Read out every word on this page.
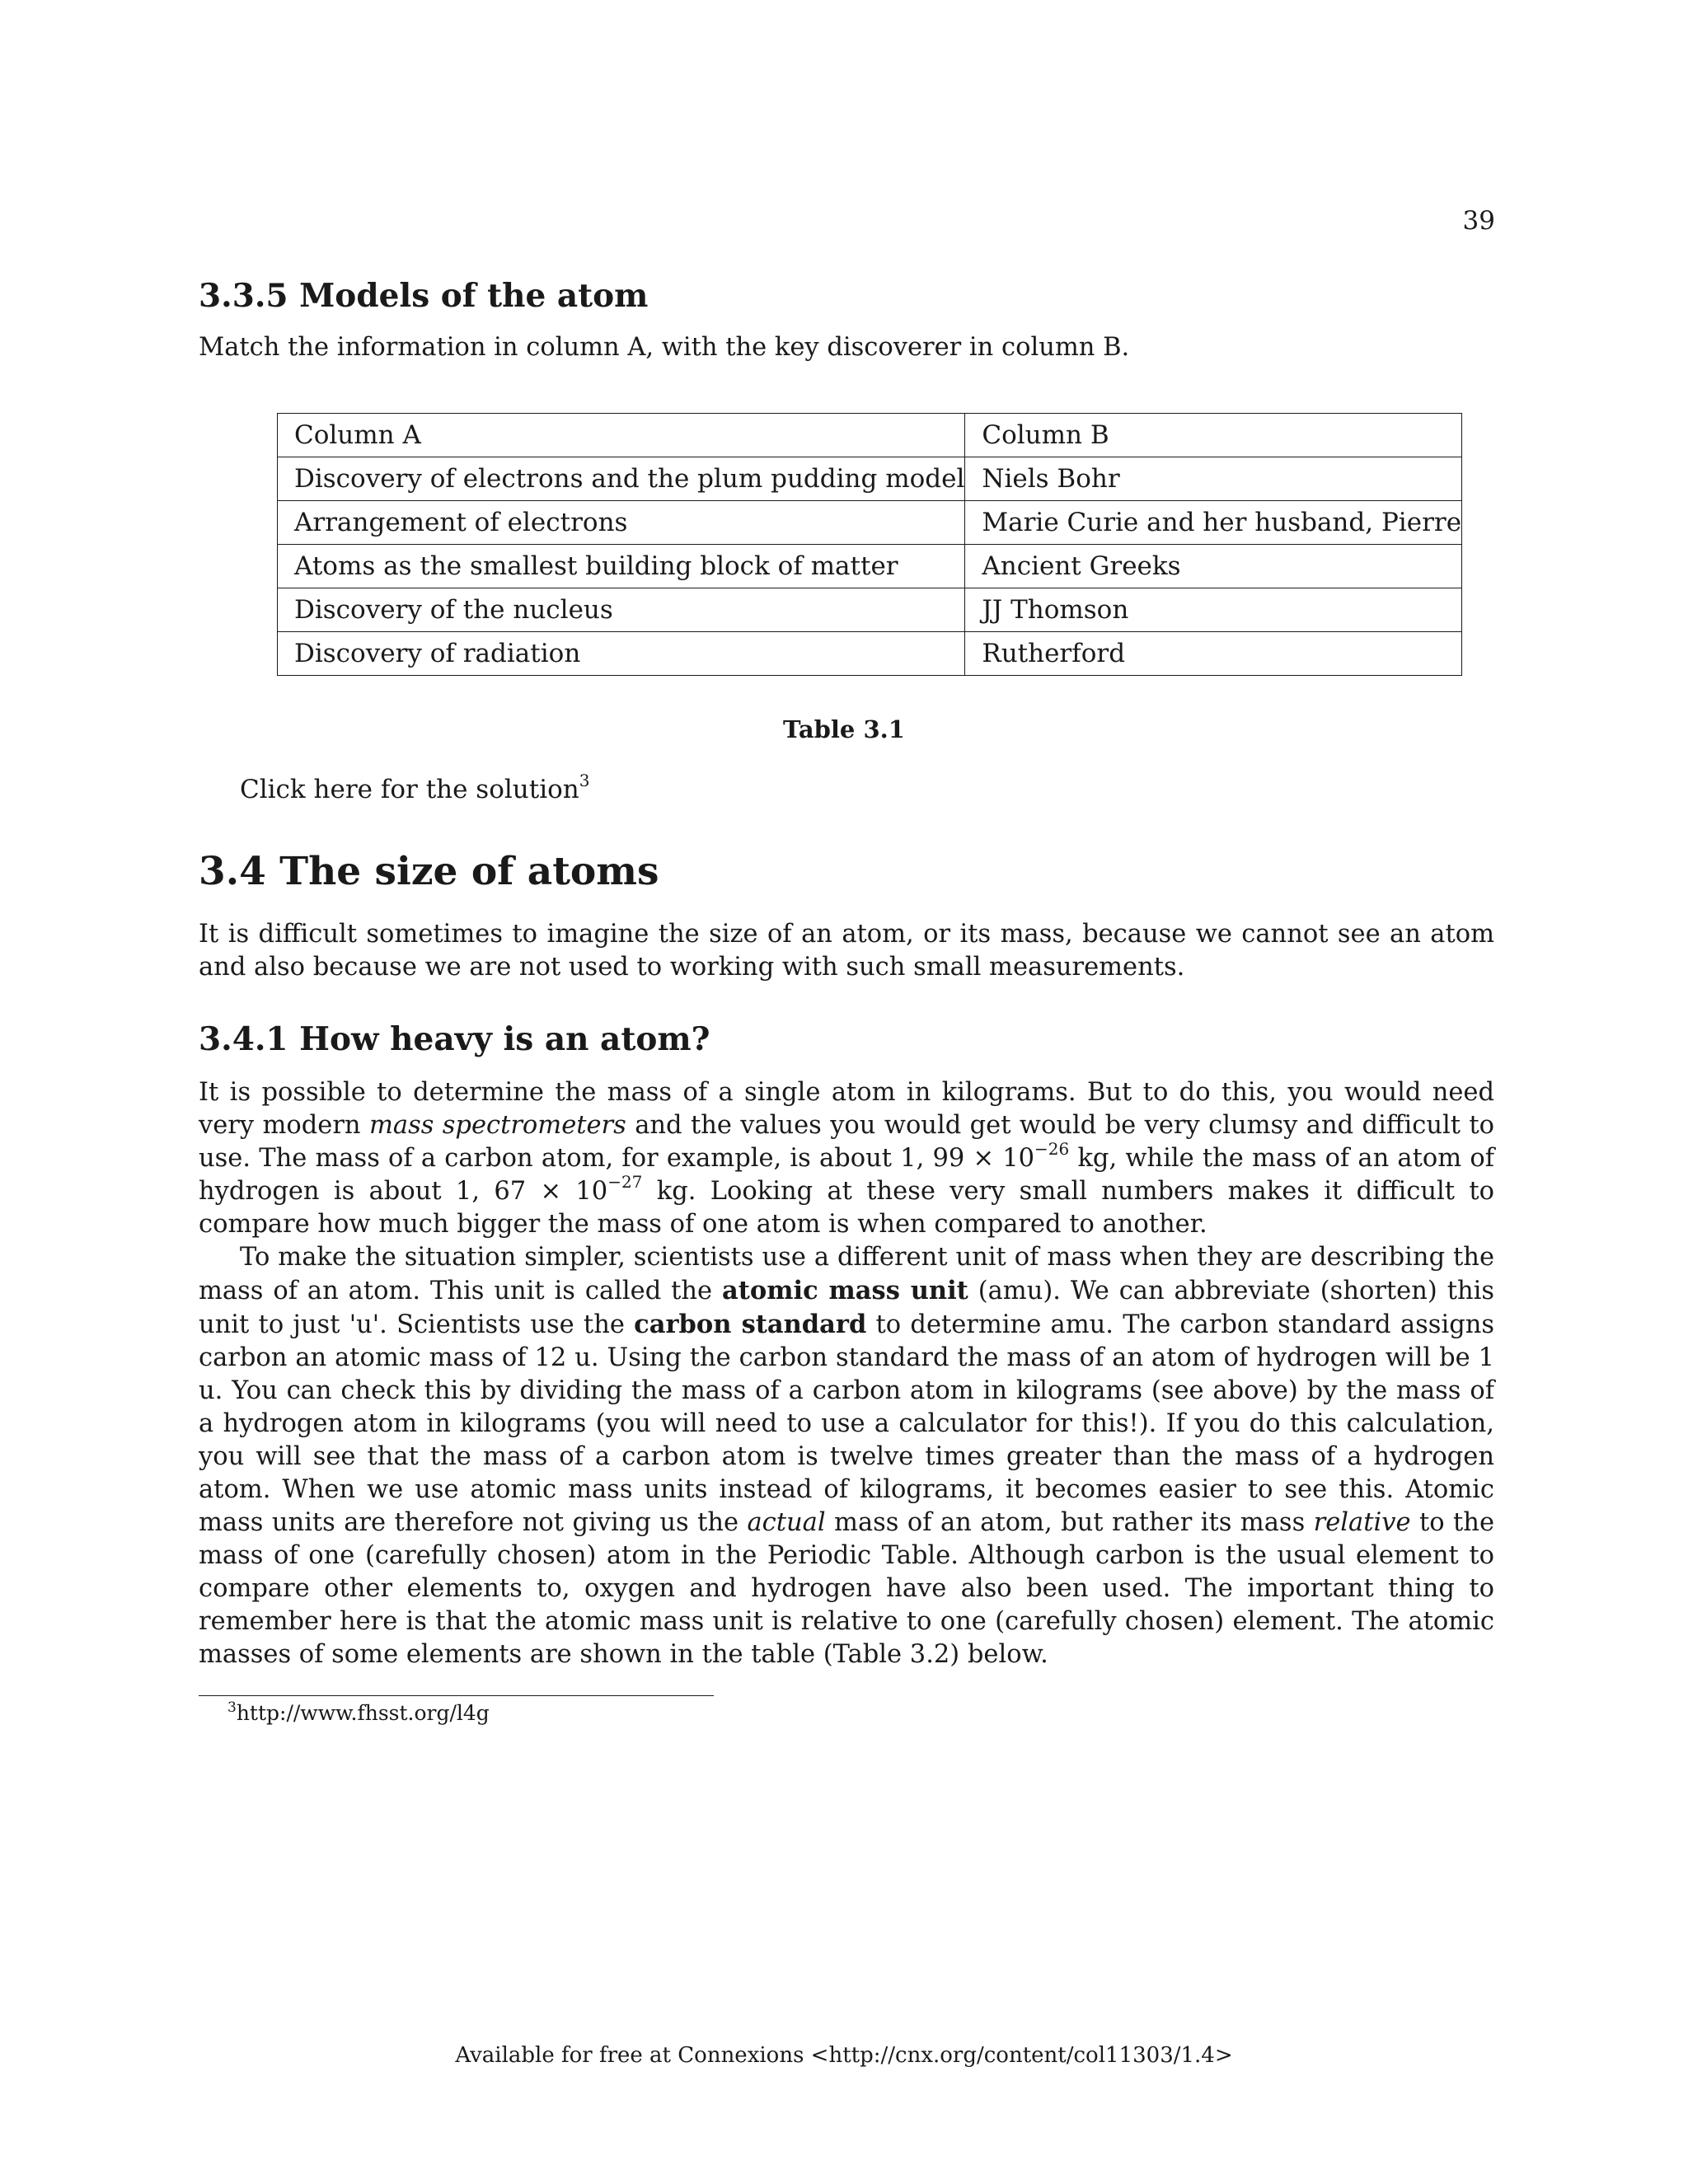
39
3.3.5 Models of the atom

Match the information in column A, with the key discoverer in column B.

Column A	Column B
Discovery of electrons and the plum pudding model	Niels Bohr
Arrangement of electrons	Marie Curie and her husband, Pierre
Atoms as the smallest building block of matter	Ancient Greeks
Discovery of the nucleus	JJ Thomson
Discovery of radiation	Rutherford
Table 3.1
Click here for the solution$^3$
3.4 The size of atoms

It is difficult sometimes to imagine the size of an atom, or its mass, because we cannot see an atom and also because we are not used to working with such small measurements.

3.4.1 How heavy is an atom?

It is possible to determine the mass of a single atom in kilograms. But to do this, you would need very modern mass spectrometers and the values you would get would be very clumsy and difficult to use. The mass of a carbon atom, for example, is about 1, $99 \times 10^{-26}$ kg, while the mass of an atom of hydrogen is about 1, $67 \times 10^{-27}$ kg. Looking at these very small numbers makes it difficult to compare how much bigger the mass of one atom is when compared to another.

To make the situation simpler, scientists use a different unit of mass when they are describing the mass of an atom. This unit is called the atomic mass unit (amu). We can abbreviate (shorten) this unit to just 'u'. Scientists use the carbon standard to determine amu. The carbon standard assigns carbon an atomic mass of 12 u. Using the carbon standard the mass of an atom of hydrogen will be 1 u. You can check this by dividing the mass of a carbon atom in kilograms (see above) by the mass of a hydrogen atom in kilograms (you will need to use a calculator for this!). If you do this calculation, you will see that the mass of a carbon atom is twelve times greater than the mass of a hydrogen atom. When we use atomic mass units instead of kilograms, it becomes easier to see this. Atomic mass units are therefore not giving us the actual mass of an atom, but rather its mass relative to the mass of one (carefully chosen) atom in the Periodic Table. Although carbon is the usual element to compare other elements to, oxygen and hydrogen have also been used. The important thing to remember here is that the atomic mass unit is relative to one (carefully chosen) element. The atomic masses of some elements are shown in the table (Table 3.2) below.

$^3$http://www.fhsst.org/l4g
Available for free at Connexions <http://cnx.org/content/col11303/1.4>
